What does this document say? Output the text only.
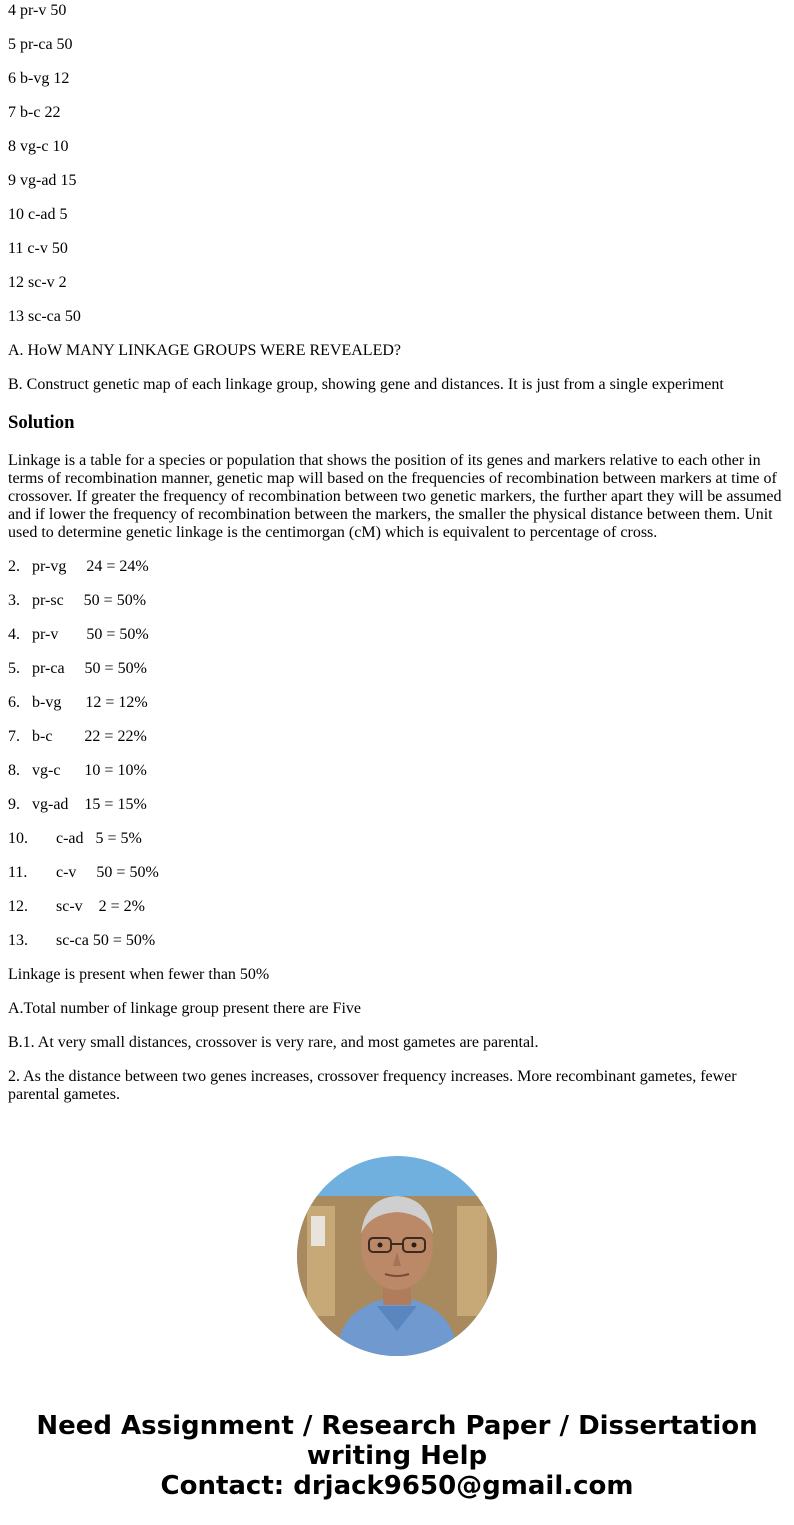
4 pr-v 50

5 pr-ca 50

6 b-vg 12

7 b-c 22

8 vg-c 10

9 vg-ad 15

10 c-ad 5

11 c-v 50

12 sc-v 2

13 sc-ca 50

A. HoW MANY LINKAGE GROUPS WERE REVEALED?

B. Construct genetic map of each linkage group, showing gene and distances. It is just from a single experiment

Solution

Linkage is a table for a species or population that shows the position of its genes and markers relative to each other in terms of recombination manner, genetic map will based on the frequencies of recombination between markers at time of crossover. If greater the frequency of recombination between two genetic markers, the further apart they will be assumed and if lower the frequency of recombination between the markers, the smaller the physical distance between them. Unit used to determine genetic linkage is the centimorgan (cM) which is equivalent to percentage of cross.

2. pr-vg     24 = 24%

3. pr-sc     50 = 50%

4. pr-v       50 = 50%

5. pr-ca     50 = 50%

6. b-vg      12 = 12%

7. b-c        22 = 22%

8. vg-c      10 = 10%

9. vg-ad    15 = 15%

10. c-ad   5 = 5%

11. c-v     50 = 50%

12. sc-v    2 = 2%

13. sc-ca 50 = 50%

Linkage is present when fewer than 50%

A.Total number of linkage group present there are Five

B.1. At very small distances, crossover is very rare, and most gametes are parental.

2. As the distance between two genes increases, crossover frequency increases. More recombinant gametes, fewer parental gametes.

Need Assignment / Research Paper / Dissertation
writing Help
Contact: drjack9650@gmail.com
